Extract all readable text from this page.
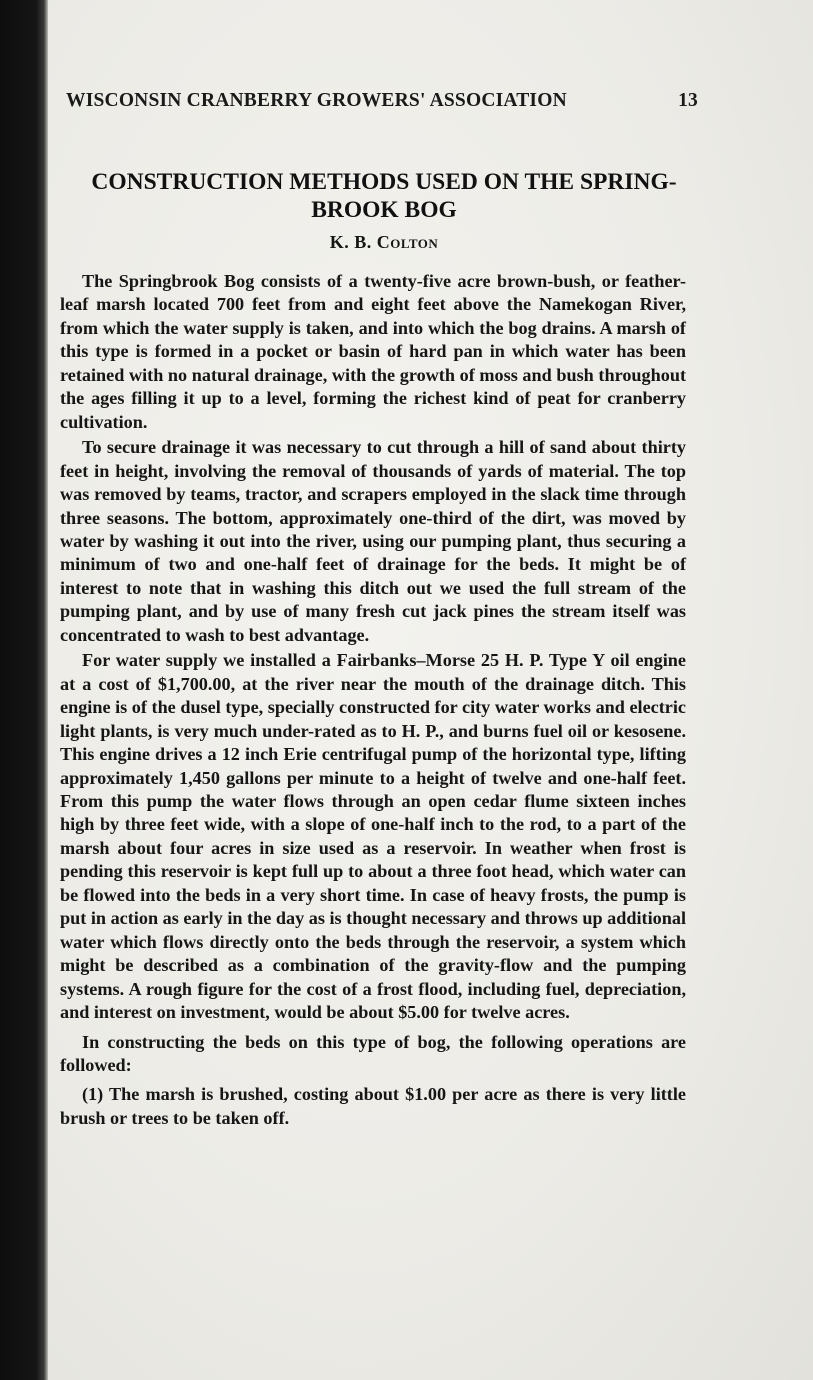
WISCONSIN CRANBERRY GROWERS' ASSOCIATION	13
CONSTRUCTION METHODS USED ON THE SPRING-
BROOK BOG
K. B. Colton

The Springbrook Bog consists of a twenty-five acre brown-bush, or feather-leaf marsh located 700 feet from and eight feet above the Namekogan River, from which the water supply is taken, and into which the bog drains. A marsh of this type is formed in a pocket or basin of hard pan in which water has been retained with no natural drainage, with the growth of moss and bush throughout the ages filling it up to a level, forming the richest kind of peat for cranberry cultivation.

To secure drainage it was necessary to cut through a hill of sand about thirty feet in height, involving the removal of thousands of yards of material. The top was removed by teams, tractor, and scrapers employed in the slack time through three seasons. The bottom, approximately one-third of the dirt, was moved by water by washing it out into the river, using our pumping plant, thus securing a minimum of two and one-half feet of drainage for the beds. It might be of interest to note that in washing this ditch out we used the full stream of the pumping plant, and by use of many fresh cut jack pines the stream itself was concentrated to wash to best advantage.

For water supply we installed a Fairbanks–Morse 25 H. P. Type Y oil engine at a cost of $1,700.00, at the river near the mouth of the drainage ditch. This engine is of the dusel type, specially constructed for city water works and electric light plants, is very much under-rated as to H. P., and burns fuel oil or kesosene. This engine drives a 12 inch Erie centrifugal pump of the horizontal type, lifting approximately 1,450 gallons per minute to a height of twelve and one-half feet. From this pump the water flows through an open cedar flume sixteen inches high by three feet wide, with a slope of one-half inch to the rod, to a part of the marsh about four acres in size used as a reservoir. In weather when frost is pending this reservoir is kept full up to about a three foot head, which water can be flowed into the beds in a very short time. In case of heavy frosts, the pump is put in action as early in the day as is thought necessary and throws up additional water which flows directly onto the beds through the reservoir, a system which might be described as a combination of the gravity-flow and the pumping systems. A rough figure for the cost of a frost flood, including fuel, depreciation, and interest on investment, would be about $5.00 for twelve acres.

In constructing the beds on this type of bog, the following operations are followed:

(1) The marsh is brushed, costing about $1.00 per acre as there is very little brush or trees to be taken off.
